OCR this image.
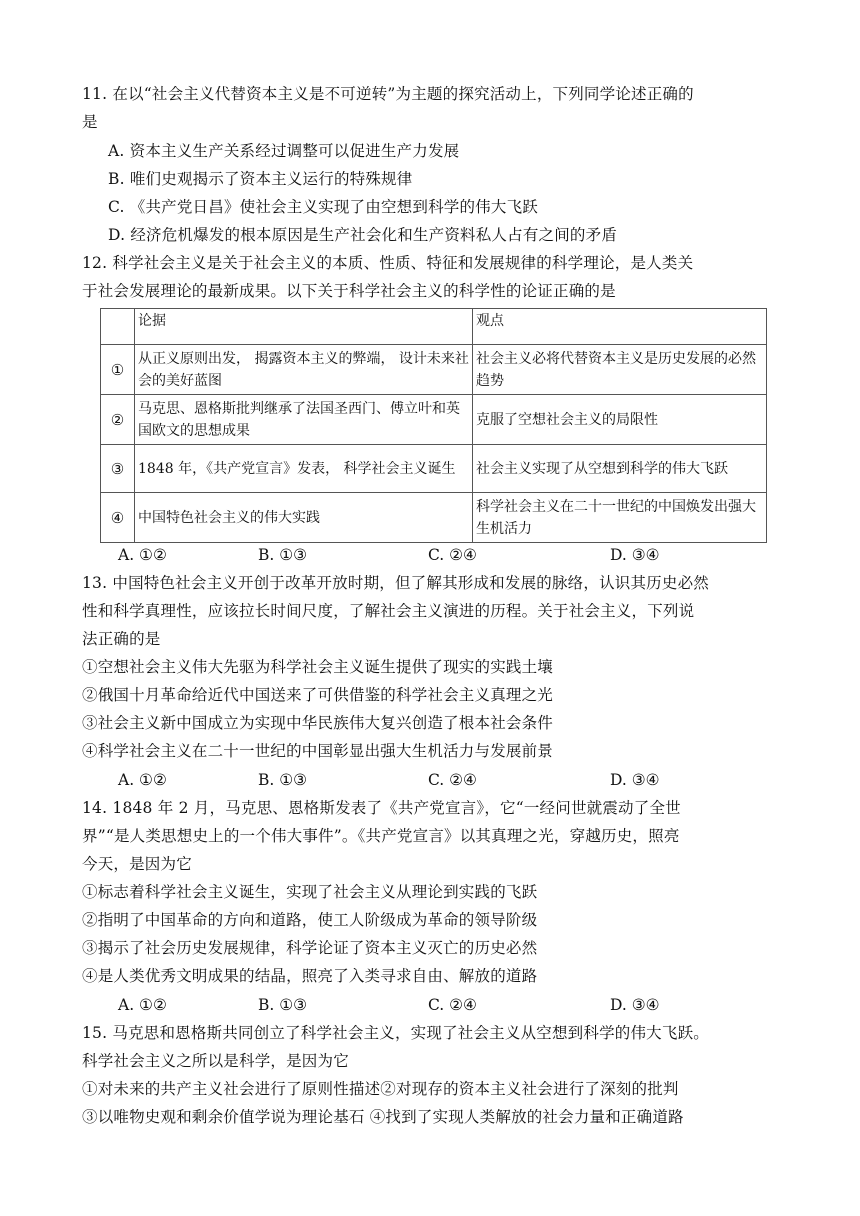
11. 在以“社会主义代替资本主义是不可逆转”为主题的探究活动上，下列同学论述正确的
是
A. 资本主义生产关系经过调整可以促进生产力发展
B. 唯们史观揭示了资本主义运行的特殊规律
C. 《共产党日昌》使社会主义实现了由空想到科学的伟大飞跃
D. 经济危机爆发的根本原因是生产社会化和生产资料私人占有之间的矛盾
12. 科学社会主义是关于社会主义的本质、性质、特征和发展规律的科学理论，是人类关
于社会发展理论的最新成果。以下关于科学社会主义的科学性的论证正确的是
	论据	观点
①	从正义原则出发， 揭露资本主义的弊端， 设计未来社会的美好蓝图	社会主义必将代替资本主义是历史发展的必然趋势
②	马克思、恩格斯批判继承了法国圣西门、傅立叶和英国欧文的思想成果	克服了空想社会主义的局限性
③	1848 年，《共产党宣言》发表， 科学社会主义诞生	社会主义实现了从空想到科学的伟大飞跃
④	中国特色社会主义的伟大实践	科学社会主义在二十一世纪的中国焕发出强大生机活力
A. ①②	B. ①③	C. ②④	D. ③④
13. 中国特色社会主义开创于改革开放时期，但了解其形成和发展的脉络，认识其历史必然
性和科学真理性，应该拉长时间尺度，了解社会主义演进的历程。关于社会主义，下列说
法正确的是
①空想社会主义伟大先驱为科学社会主义诞生提供了现实的实践土壤
②俄国十月革命给近代中国送来了可供借鉴的科学社会主义真理之光
③社会主义新中国成立为实现中华民族伟大复兴创造了根本社会条件
④科学社会主义在二十一世纪的中国彰显出强大生机活力与发展前景
A. ①②	B. ①③	C. ②④	D. ③④
14. 1848 年 2 月，马克思、恩格斯发表了《共产党宣言》，它“一经问世就震动了全世
界”“是人类思想史上的一个伟大事件”。《共产党宣言》以其真理之光，穿越历史，照亮
今天，是因为它
①标志着科学社会主义诞生，实现了社会主义从理论到实践的飞跃
②指明了中国革命的方向和道路，使工人阶级成为革命的领导阶级
③揭示了社会历史发展规律，科学论证了资本主义灭亡的历史必然
④是人类优秀文明成果的结晶，照亮了入类寻求自由、解放的道路
A. ①②	B. ①③	C. ②④	D. ③④
15. 马克思和恩格斯共同创立了科学社会主义，实现了社会主义从空想到科学的伟大飞跃。
科学社会主义之所以是科学，是因为它
①对未来的共产主义社会进行了原则性描述②对现存的资本主义社会进行了深刻的批判
③以唯物史观和剩余价值学说为理论基石 ④找到了实现人类解放的社会力量和正确道路
